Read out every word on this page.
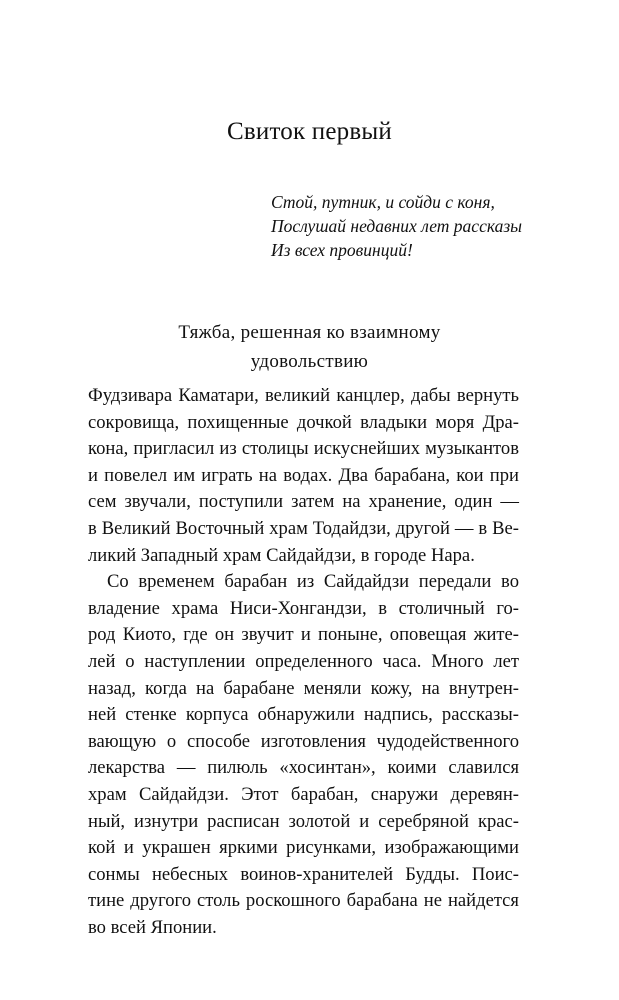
Свиток первый
Стой, путник, и сойди с коня,
Послушай недавних лет рассказы
Из всех провинций!
Тяжба, решенная ко взаимному
удовольствию
Фудзивара Каматари, великий канцлер, дабы вернуть
сокровища, похищенные дочкой владыки моря Дра-
кона, пригласил из столицы искуснейших музыкантов
и повелел им играть на водах. Два барабана, кои при
сем звучали, поступили затем на хранение, один —
в Великий Восточный храм Тодайдзи, другой — в Ве-
ликий Западный храм Сайдайдзи, в городе Нара.
Со временем барабан из Сайдайдзи передали во
владение храма Ниси-Хонгандзи, в столичный го-
род Киото, где он звучит и поныне, оповещая жите-
лей о наступлении определенного часа. Много лет
назад, когда на барабане меняли кожу, на внутрен-
ней стенке корпуса обнаружили надпись, рассказы-
вающую о способе изготовления чудодейственного
лекарства — пилюль «хосинтан», коими славился
храм Сайдайдзи. Этот барабан, снаружи деревян-
ный, изнутри расписан золотой и серебряной крас-
кой и украшен яркими рисунками, изображающими
сонмы небесных воинов-хранителей Будды. Поис-
тине другого столь роскошного барабана не найдется
во всей Японии.
